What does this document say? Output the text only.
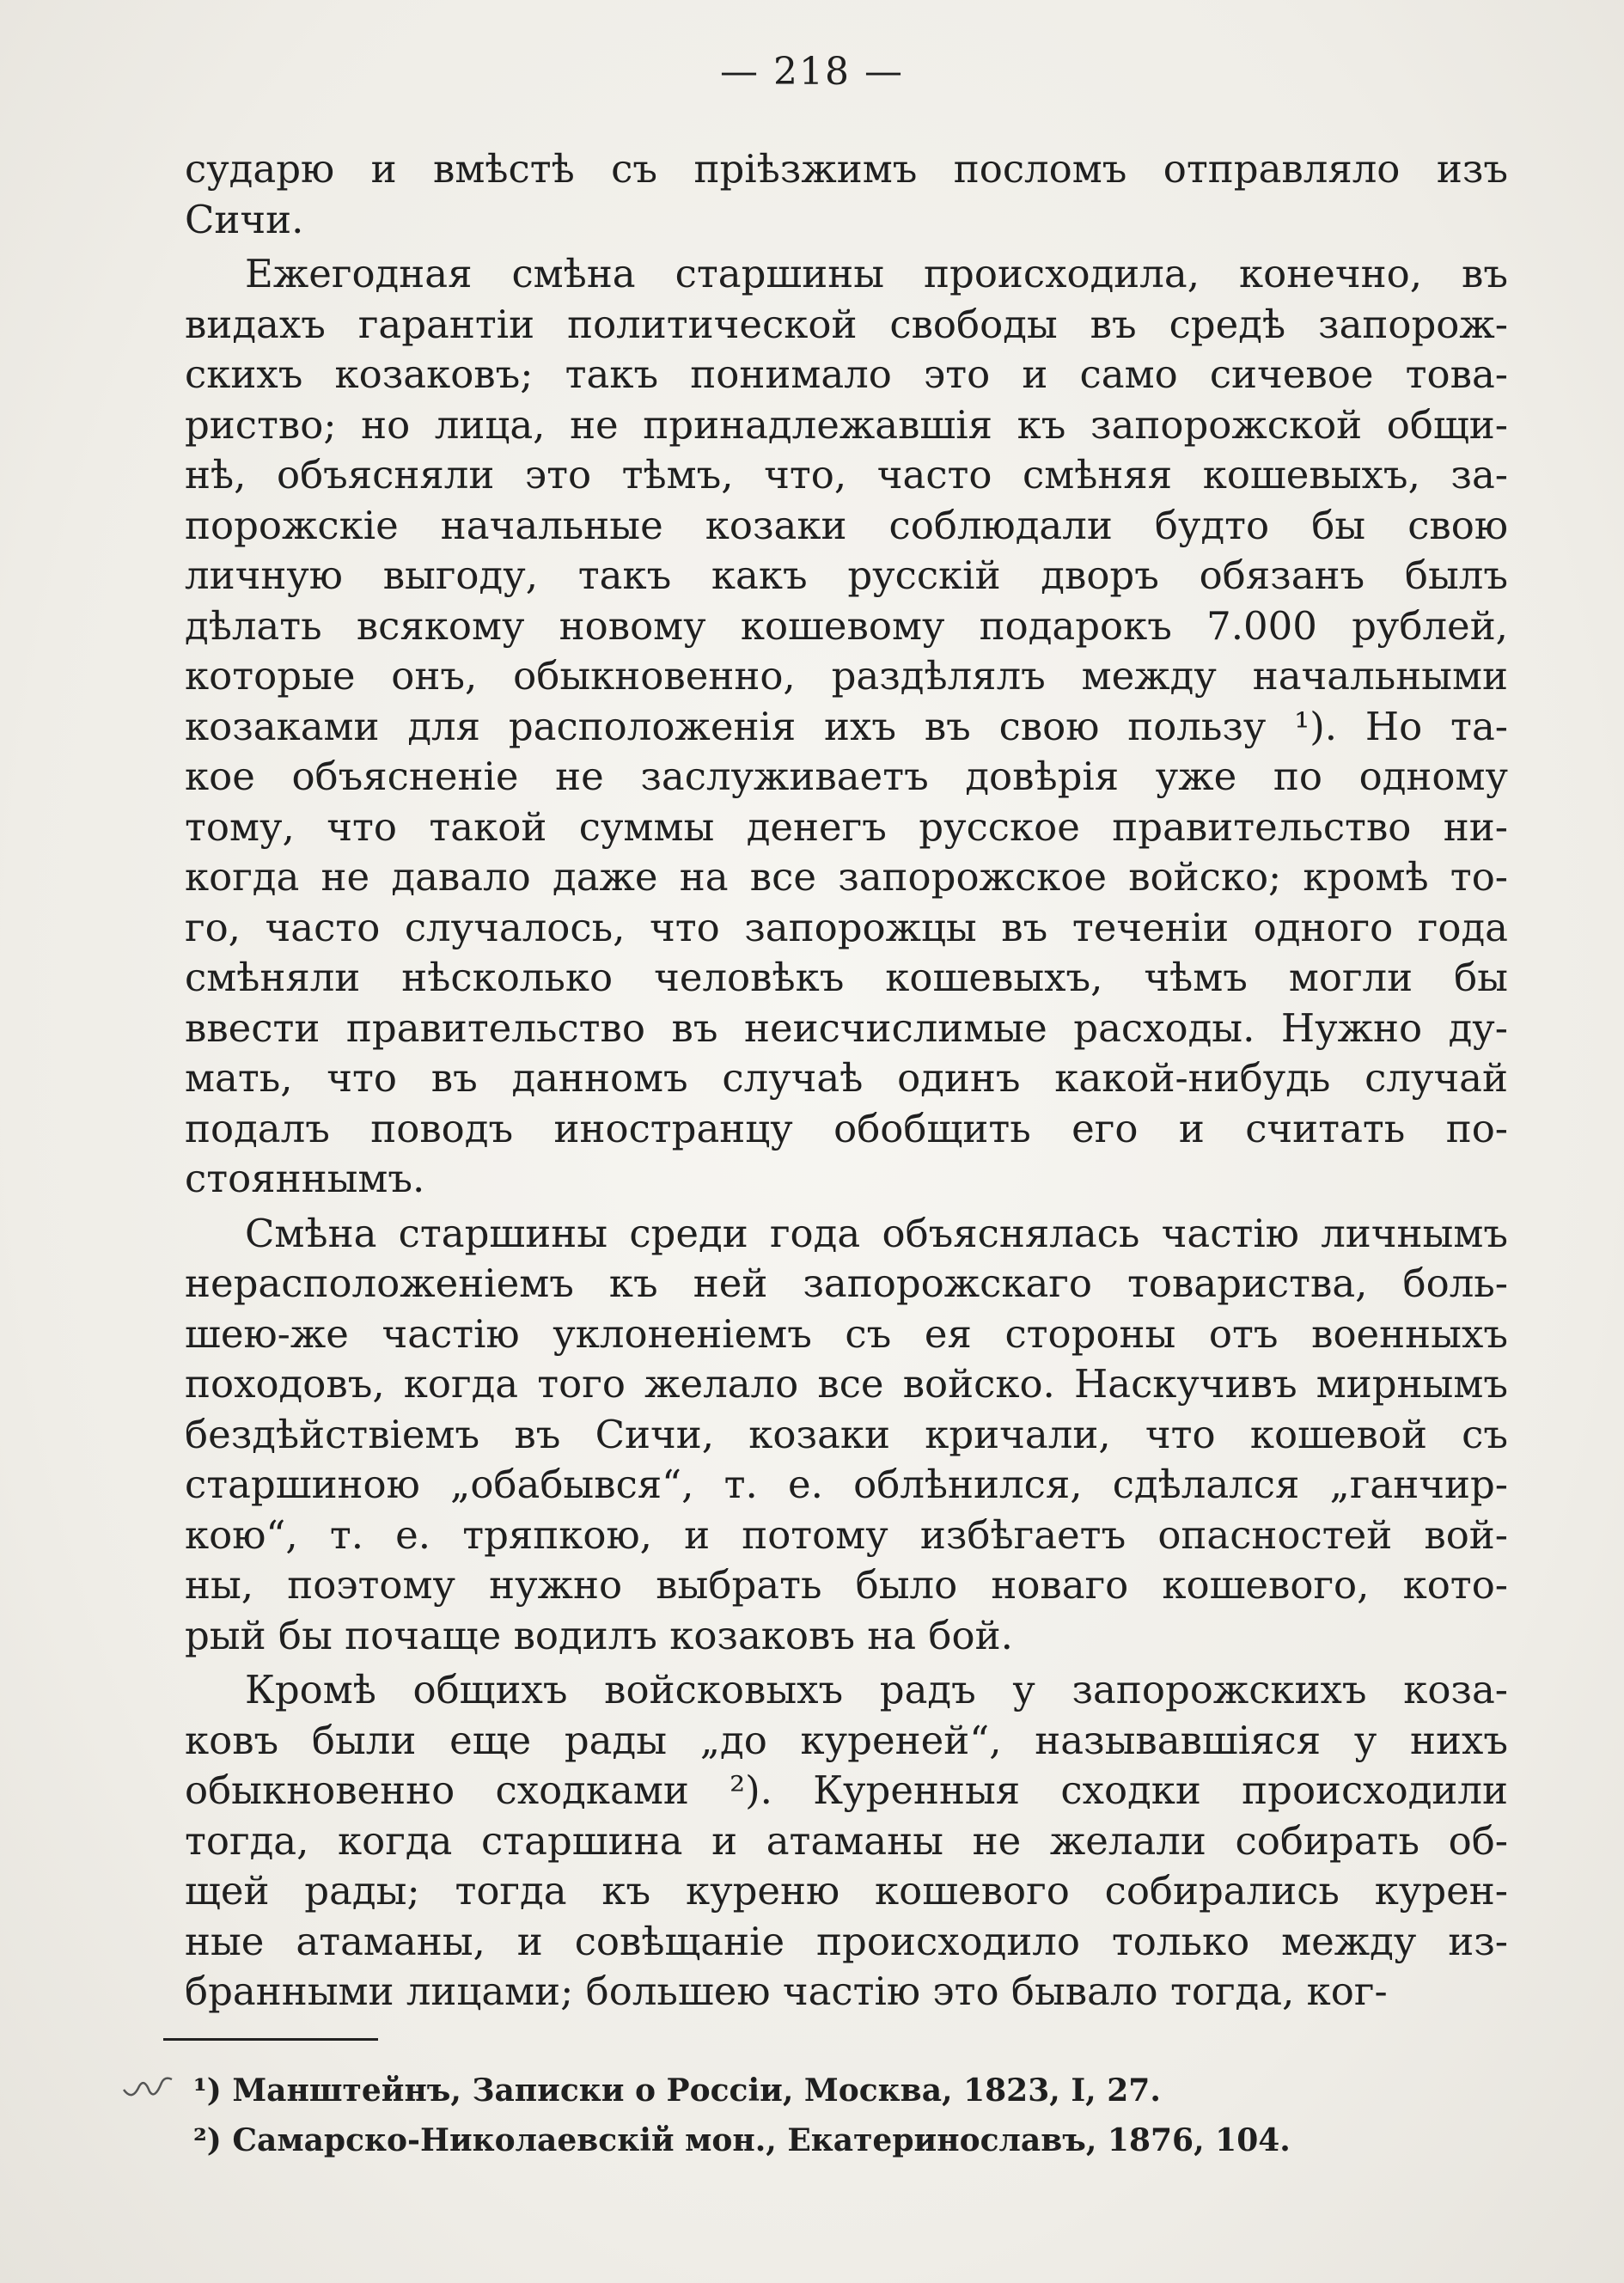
— 218 —
сударю и вмѣстѣ съ прiѣзжимъ посломъ отправляло изъ
Сичи.
Ежегодная смѣна старшины происходила, конечно, въ
видахъ гарантiи политической свободы въ средѣ запорож-
скихъ козаковъ; такъ понимало это и само сичевое това-
риство; но лица, не принадлежавшiя къ запорожской общи-
нѣ, объясняли это тѣмъ, что, часто смѣняя кошевыхъ, за-
порожскiе начальные козаки соблюдали будто бы свою
личную выгоду, такъ какъ русскiй дворъ обязанъ былъ
дѣлать всякому новому кошевому подарокъ 7.000 рублей,
которые онъ, обыкновенно, раздѣлялъ между начальными
козаками для расположенiя ихъ въ свою пользу ¹). Но та-
кое объясненiе не заслуживаетъ довѣрiя уже по одному
тому, что такой суммы денегъ русское правительство ни-
когда не давало даже на все запорожское войско; кромѣ то-
го, часто случалось, что запорожцы въ теченiи одного года
смѣняли нѣсколько человѣкъ кошевыхъ, чѣмъ могли бы
ввести правительство въ неисчислимые расходы. Нужно ду-
мать, что въ данномъ случаѣ одинъ какой-нибудь случай
подалъ поводъ иностранцу обобщить его и считать по-
стояннымъ.
Смѣна старшины среди года объяснялась частiю личнымъ
нерасположенiемъ къ ней запорожскаго товариства, боль-
шею-же частiю уклоненiемъ съ ея стороны отъ военныхъ
походовъ, когда того желало все войско. Наскучивъ мирнымъ
бездѣйствiемъ въ Сичи, козаки кричали, что кошевой съ
старшиною „обабывся“, т. е. облѣнился, сдѣлался „ганчир-
кою“, т. е. тряпкою, и потому избѣгаетъ опасностей вой-
ны, поэтому нужно выбрать было новаго кошевого, кото-
рый бы почаще водилъ козаковъ на бой.
Кромѣ общихъ войсковыхъ радъ у запорожскихъ коза-
ковъ были еще рады „до куреней“, называвшiяся у нихъ
обыкновенно сходками ²). Куренныя сходки происходили
тогда, когда старшина и атаманы не желали собирать об-
щей рады; тогда къ куреню кошевого собирались курен-
ные атаманы, и совѣщанiе происходило только между из-
бранными лицами; большею частiю это бывало тогда, ког-
¹) Манштейнъ, Записки о Россiи, Москва, 1823, I, 27.
²) Самарско-Николаевскiй мон., Екатеринославъ, 1876, 104.
